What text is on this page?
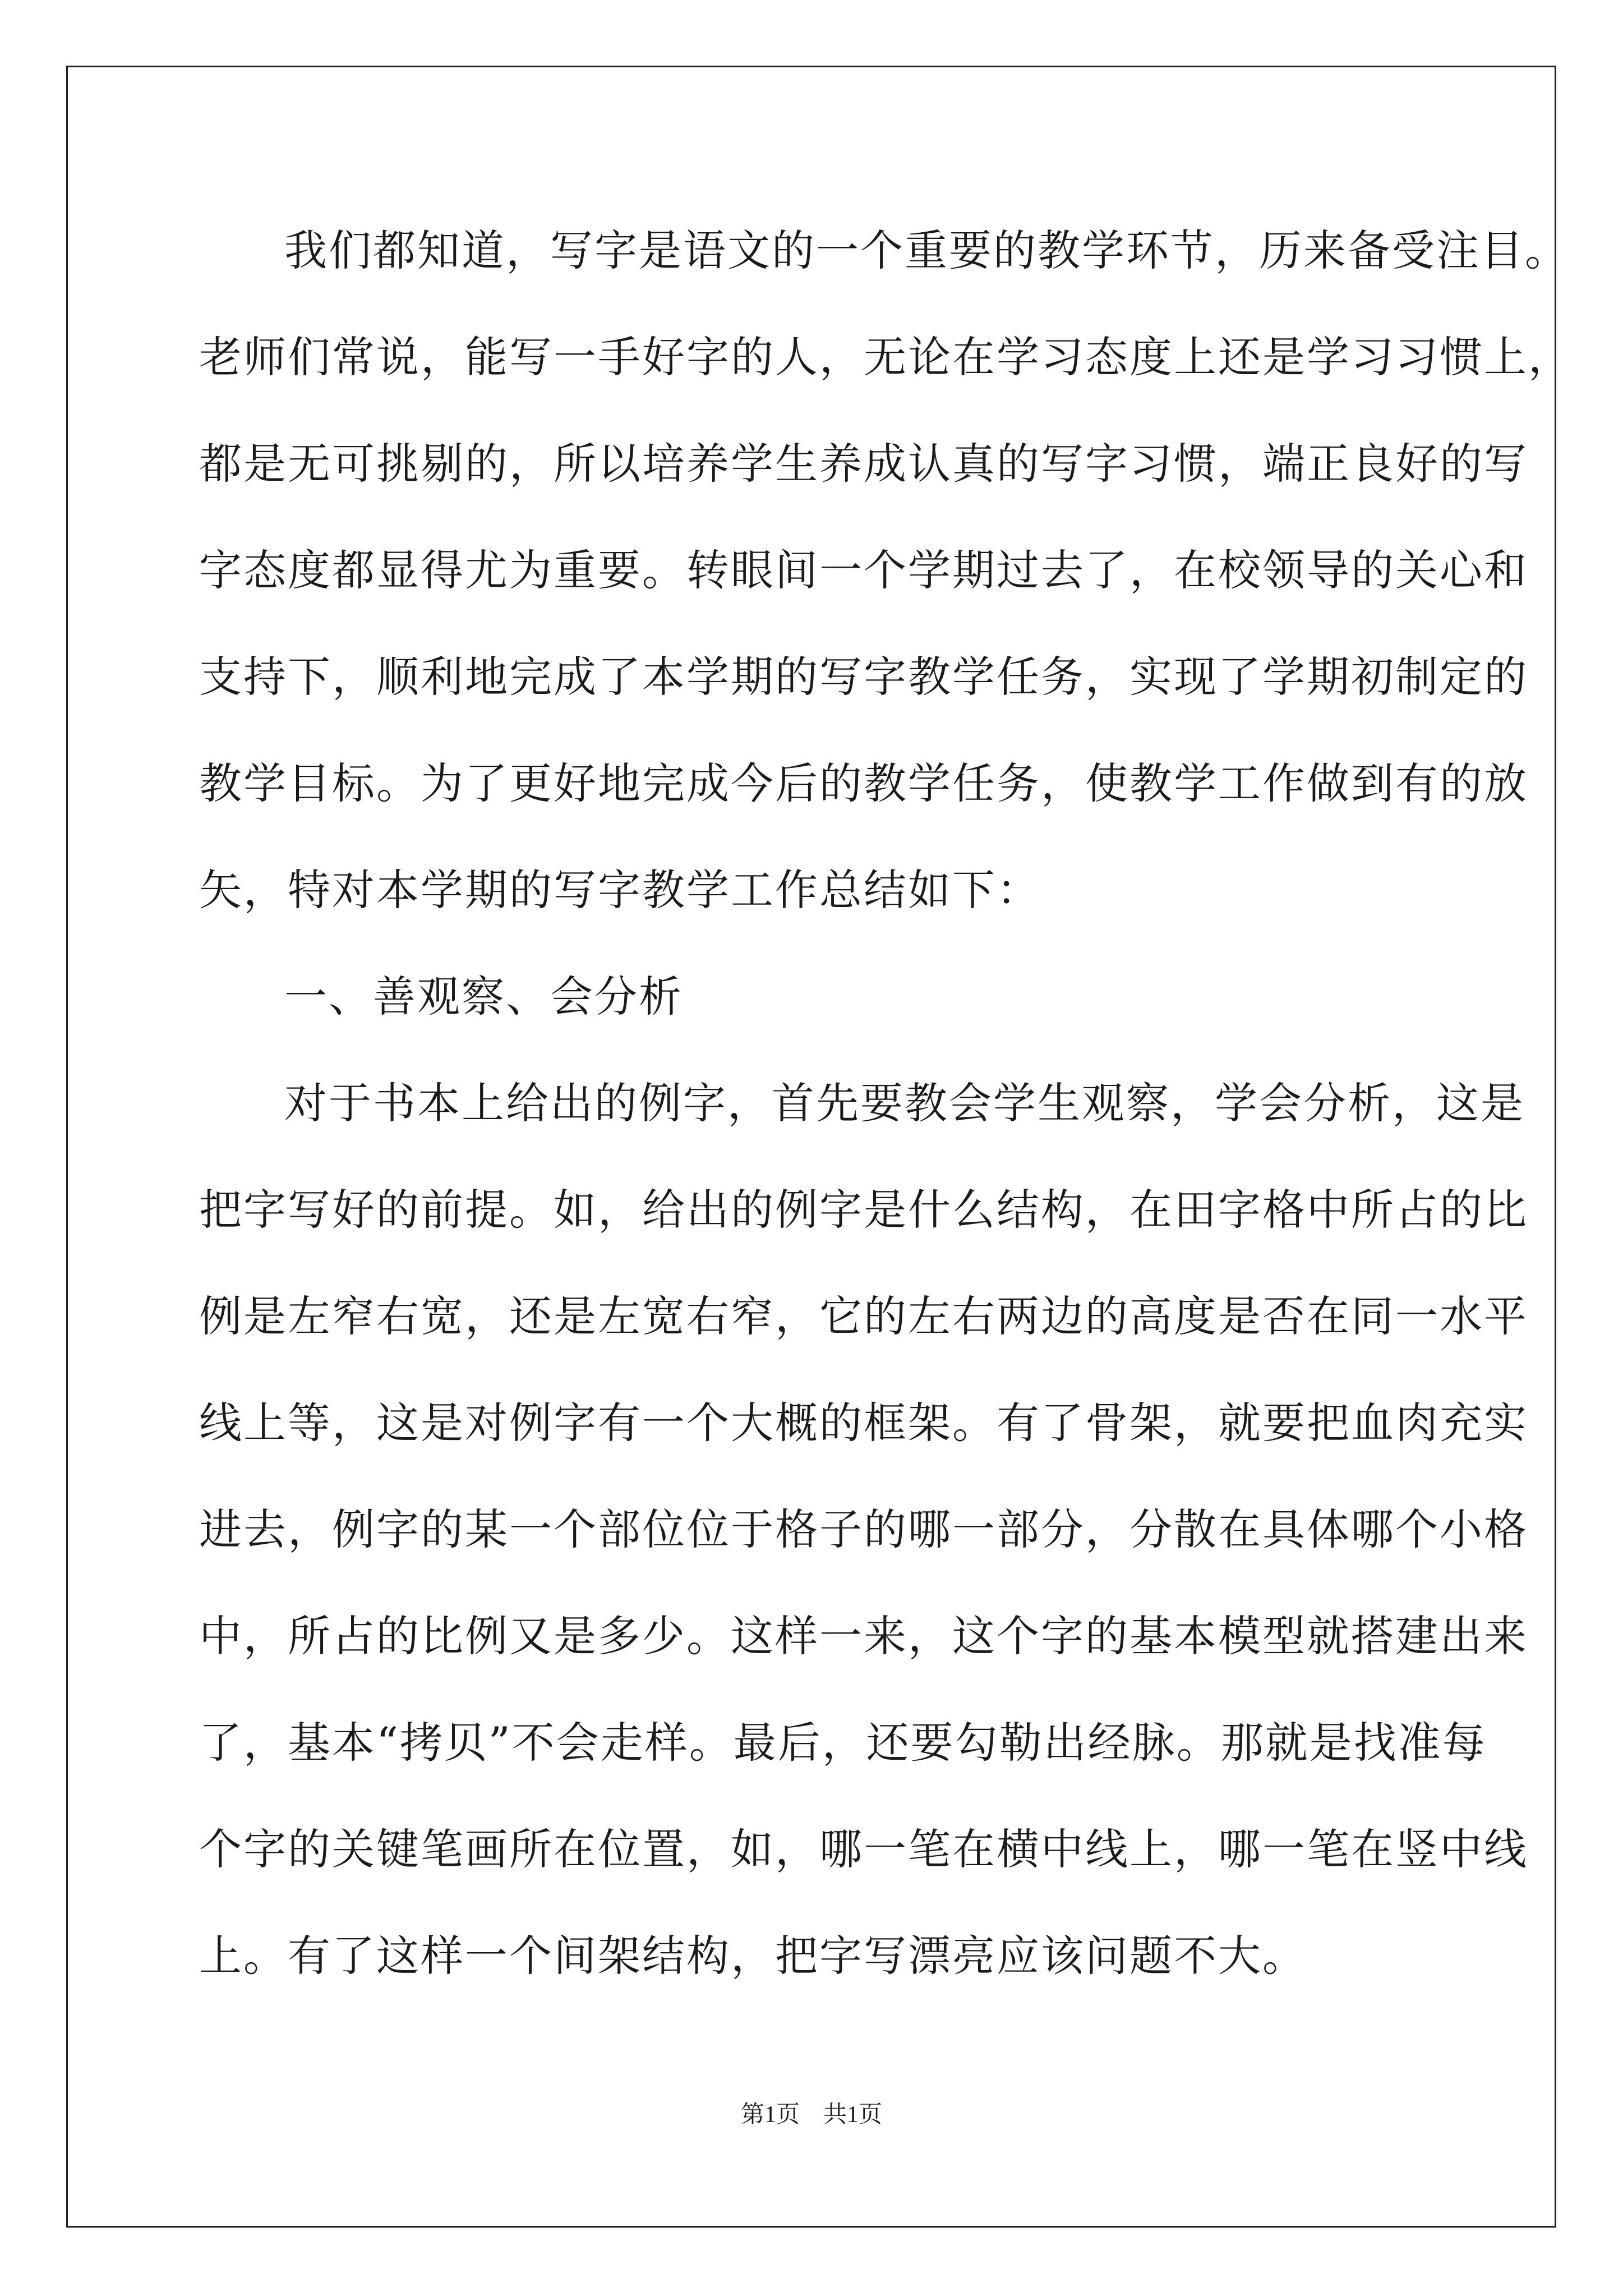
我们都知道，写字是语文的一个重要的教学环节，历来备受注目。
老师们常说，能写一手好字的人，无论在学习态度上还是学习习惯上，
都是无可挑剔的，所以培养学生养成认真的写字习惯，端正良好的写
字态度都显得尤为重要。转眼间一个学期过去了，在校领导的关心和
支持下，顺利地完成了本学期的写字教学任务，实现了学期初制定的
教学目标。为了更好地完成今后的教学任务，使教学工作做到有的放
矢，特对本学期的写字教学工作总结如下：
一、善观察、会分析
对于书本上给出的例字，首先要教会学生观察，学会分析，这是
把字写好的前提。如，给出的例字是什么结构，在田字格中所占的比
例是左窄右宽，还是左宽右窄，它的左右两边的高度是否在同一水平
线上等，这是对例字有一个大概的框架。有了骨架，就要把血肉充实
进去，例字的某一个部位位于格子的哪一部分，分散在具体哪个小格
中，所占的比例又是多少。这样一来，这个字的基本模型就搭建出来
了，基本“拷贝”不会走样。最后，还要勾勒出经脉。那就是找准每
个字的关键笔画所在位置，如，哪一笔在横中线上，哪一笔在竖中线
上。有了这样一个间架结构，把字写漂亮应该问题不大。
第1页　共1页
